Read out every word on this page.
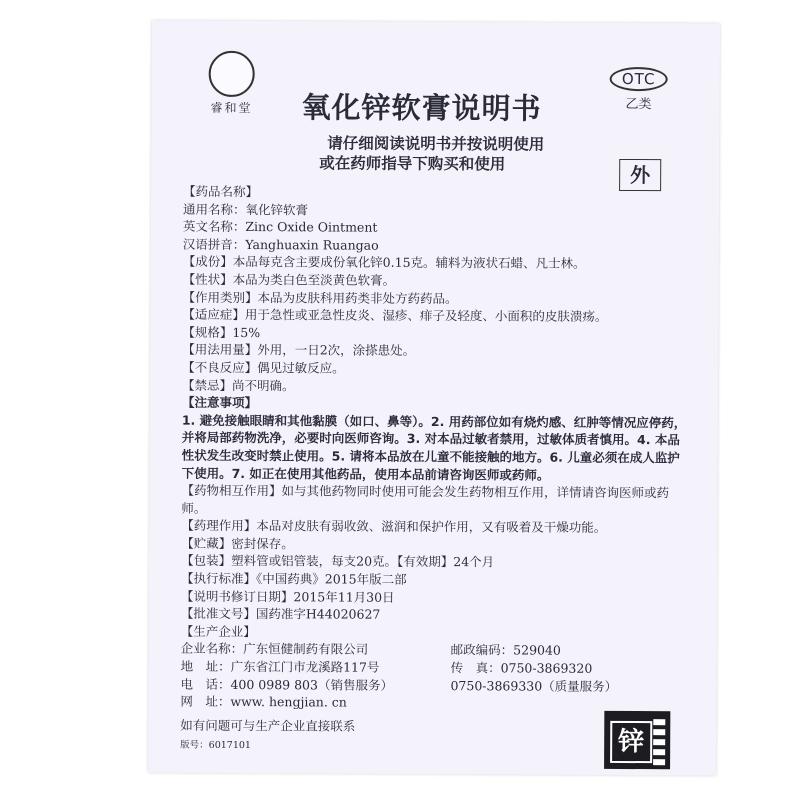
睿和堂	氧化锌软膏说明书
OTC
乙类
请仔细阅读说明书并按说明使用
或在药师指导下购买和使用	外
【药品名称】
通用名称：氧化锌软膏
英文名称：Zinc Oxide Ointment
汉语拼音：Yanghuaxin Ruangao
【成份】本品每克含主要成份氧化锌0.15克。辅料为液状石蜡、凡士林。
【性状】本品为类白色至淡黄色软膏。
【作用类别】本品为皮肤科用药类非处方药药品。
【适应症】用于急性或亚急性皮炎、湿疹、痱子及轻度、小面积的皮肤溃疡。
【规格】15%
【用法用量】外用，一日2次，涂搽患处。
【不良反应】偶见过敏反应。
【禁忌】尚不明确。
【注意事项】
1. 避免接触眼睛和其他黏膜（如口、鼻等）。2. 用药部位如有烧灼感、红肿等情况应停药，并将局部药物洗净，必要时向医师咨询。3. 对本品过敏者禁用，过敏体质者慎用。4. 本品性状发生改变时禁止使用。5. 请将本品放在儿童不能接触的地方。6. 儿童必须在成人监护下使用。7. 如正在使用其他药品，使用本品前请咨询医师或药师。
【药物相互作用】如与其他药物同时使用可能会发生药物相互作用，详情请咨询医师或药师。
【药理作用】本品对皮肤有弱收敛、滋润和保护作用，又有吸着及干燥功能。
【贮藏】密封保存。
【包装】塑料管或铝管装，每支20克。【有效期】24个月
【执行标准】《中国药典》2015年版二部
【说明书修订日期】2015年11月30日
【批准文号】国药准字H44020627
【生产企业】
企业名称：广东恒健制药有限公司	邮政编码：529040
地　址：广东省江门市龙溪路117号	传　真：0750-3869320
电　话：400 0989 803（销售服务）	0750-3869330（质量服务）
网　址：www. hengjian. cn
如有问题可与生产企业直接联系
版号：6017101	锌
